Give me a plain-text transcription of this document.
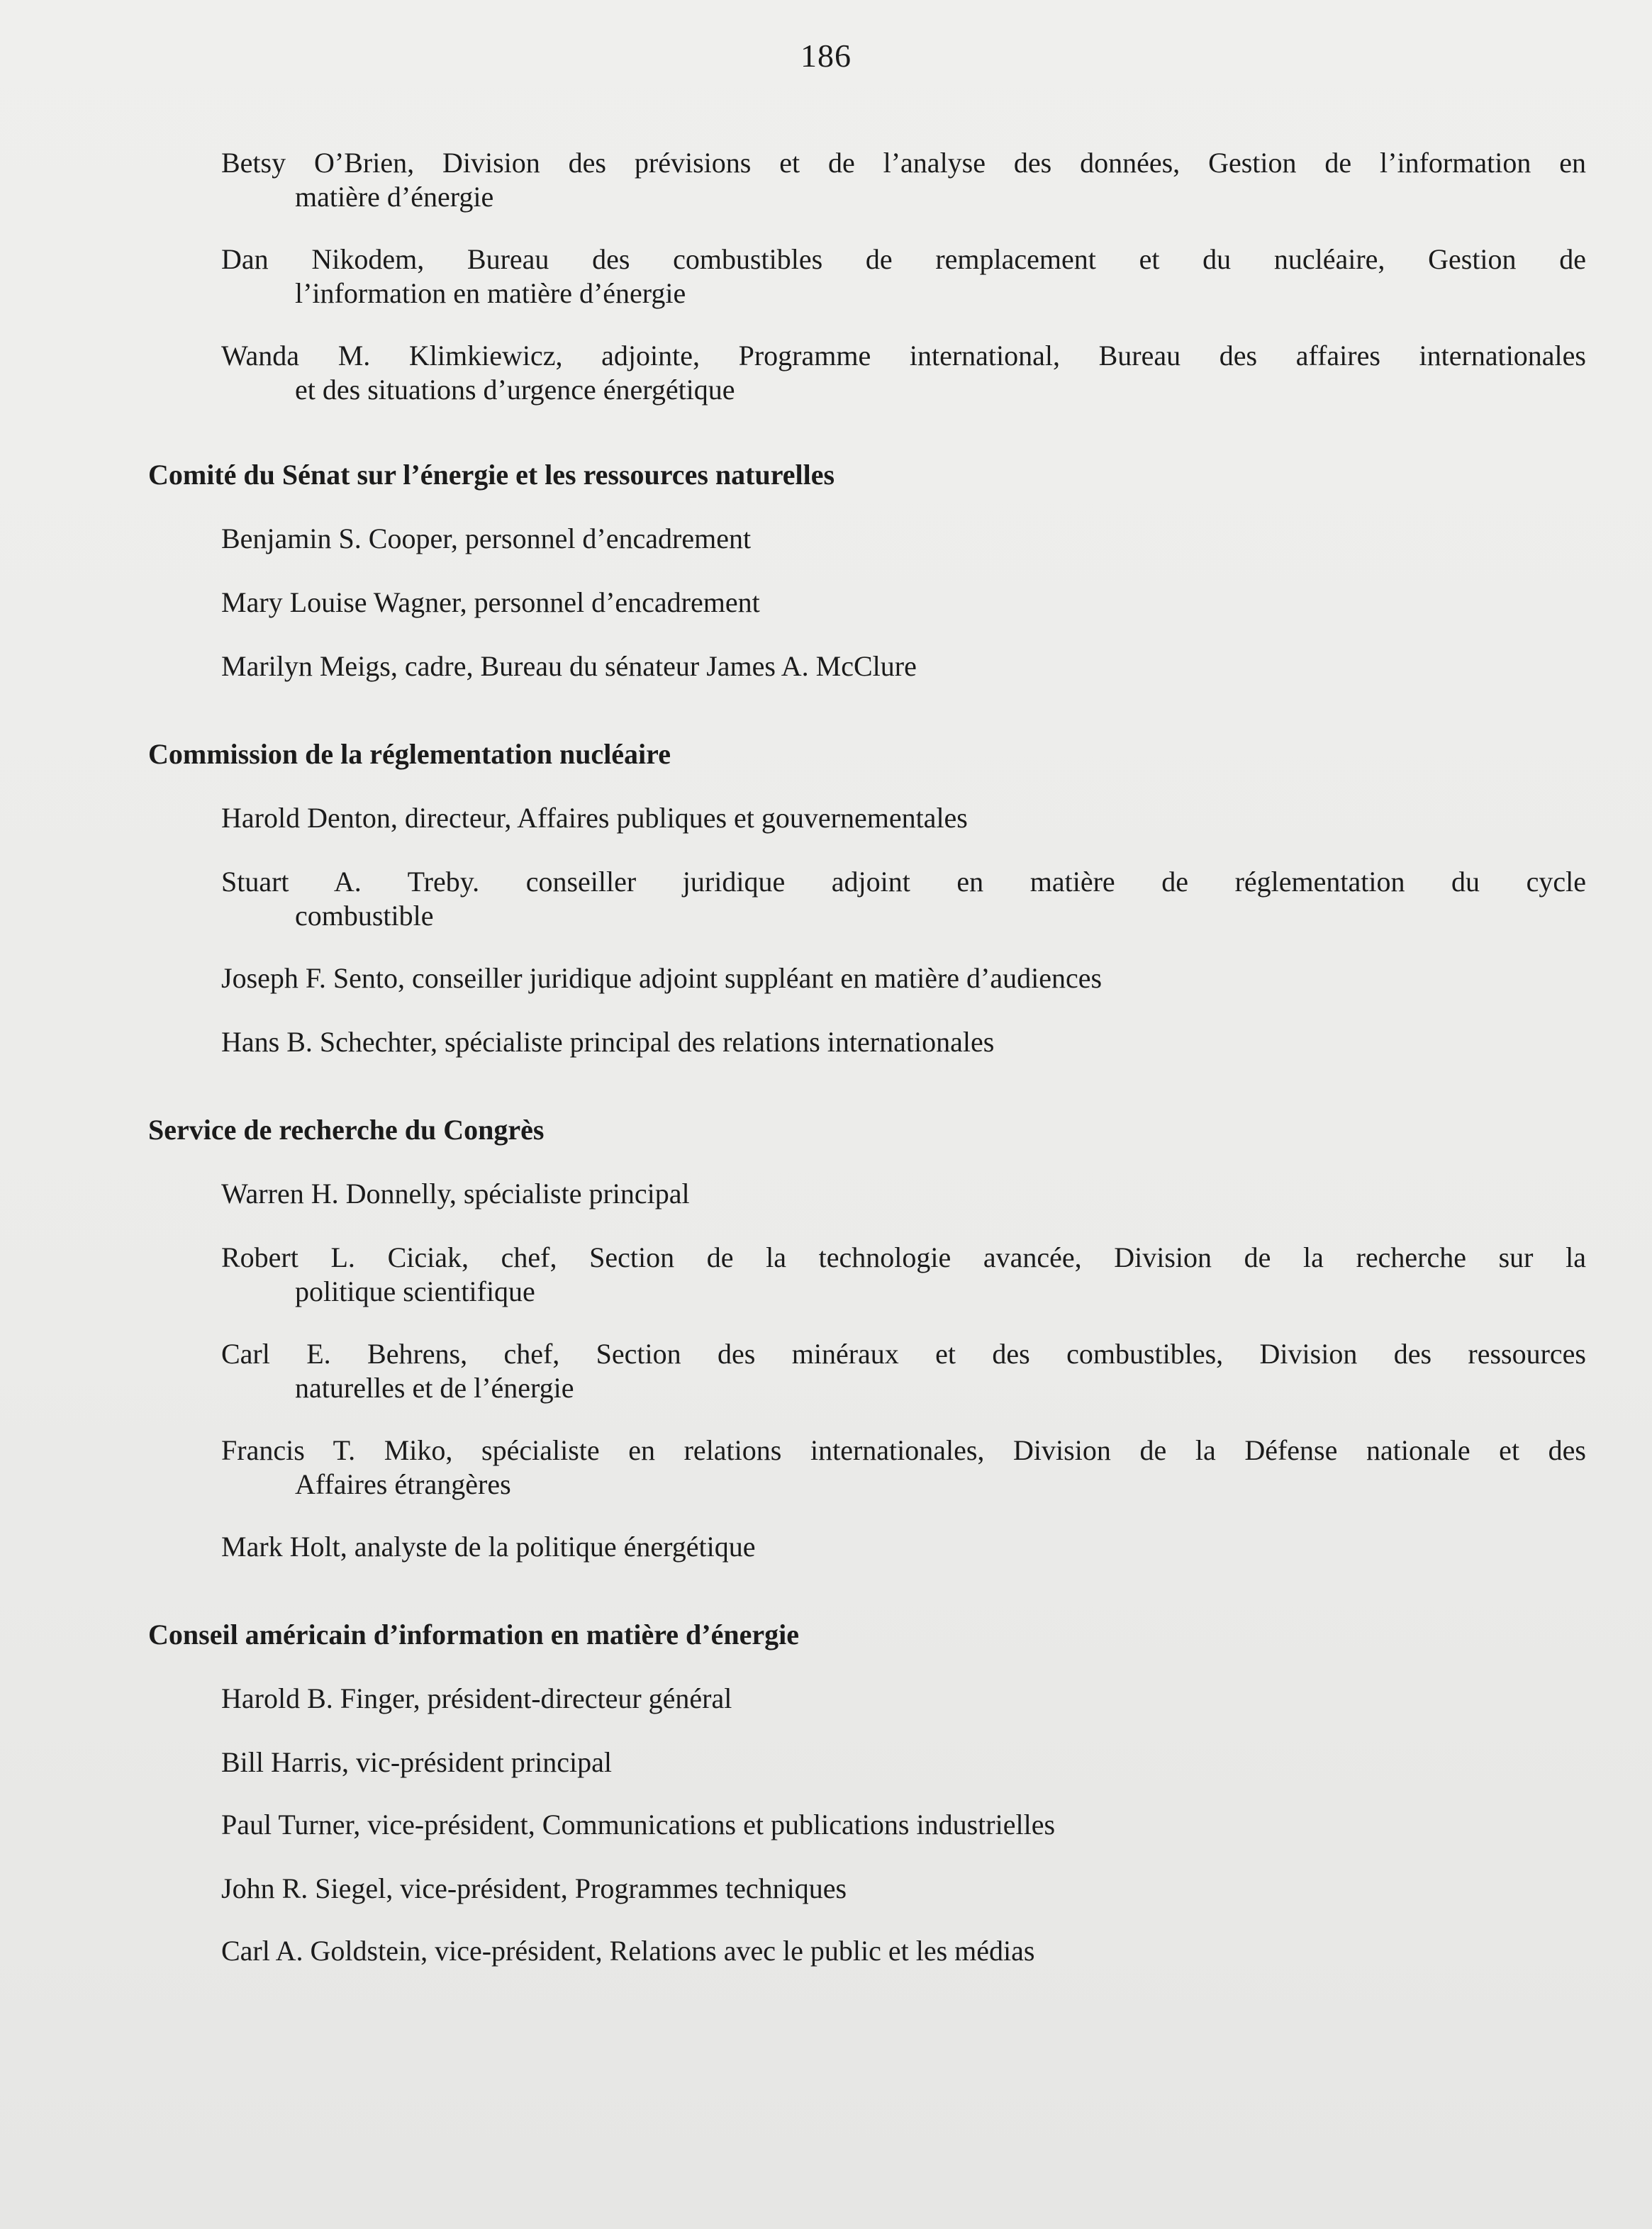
186
Betsy O’Brien, Division des prévisions et de l’analyse des données, Gestion de l’information en
matière d’énergie
Dan Nikodem, Bureau des combustibles de remplacement et du nucléaire, Gestion de
l’information en matière d’énergie
Wanda M. Klimkiewicz, adjointe, Programme international, Bureau des affaires internationales
et des situations d’urgence énergétique
Comité du Sénat sur l’énergie et les ressources naturelles
Benjamin S. Cooper, personnel d’encadrement
Mary Louise Wagner, personnel d’encadrement
Marilyn Meigs, cadre, Bureau du sénateur James A. McClure
Commission de la réglementation nucléaire
Harold Denton, directeur, Affaires publiques et gouvernementales
Stuart A. Treby. conseiller juridique adjoint en matière de réglementation du cycle
combustible
Joseph F. Sento, conseiller juridique adjoint suppléant en matière d’audiences
Hans B. Schechter, spécialiste principal des relations internationales
Service de recherche du Congrès
Warren H. Donnelly, spécialiste principal
Robert L. Ciciak, chef, Section de la technologie avancée, Division de la recherche sur la
politique scientifique
Carl E. Behrens, chef, Section des minéraux et des combustibles, Division des ressources
naturelles et de l’énergie
Francis T. Miko, spécialiste en relations internationales, Division de la Défense nationale et des
Affaires étrangères
Mark Holt, analyste de la politique énergétique
Conseil américain d’information en matière d’énergie
Harold B. Finger, président-directeur général
Bill Harris, vic-président principal
Paul Turner, vice-président, Communications et publications industrielles
John R. Siegel, vice-président, Programmes techniques
Carl A. Goldstein, vice-président, Relations avec le public et les médias
